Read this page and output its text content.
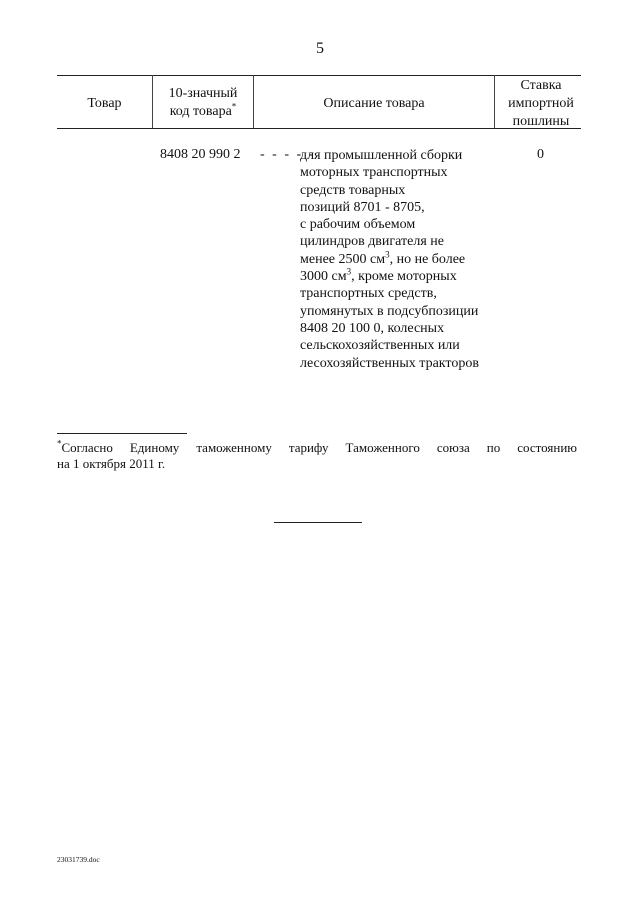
5
Товар
10-значный
код товара*	Описание товара
Ставка
импортной
пошлины
8408 20 990 2 - - - - -
для промышленной сборки
моторных транспортных
средств товарных
позиций 8701 - 8705,
с рабочим объемом
цилиндров двигателя не
менее 2500 $см^3$, но не более
3000 $см^3$, кроме моторных
транспортных средств,
упомянутых в подсубпозиции
8408 20 100 0, колесных
сельскохозяйственных или
лесохозяйственных тракторов
0
*Согласно Единому таможенному тарифу Таможенного союза по состоянию
на 1 октября 2011 г.
23031739.doc
